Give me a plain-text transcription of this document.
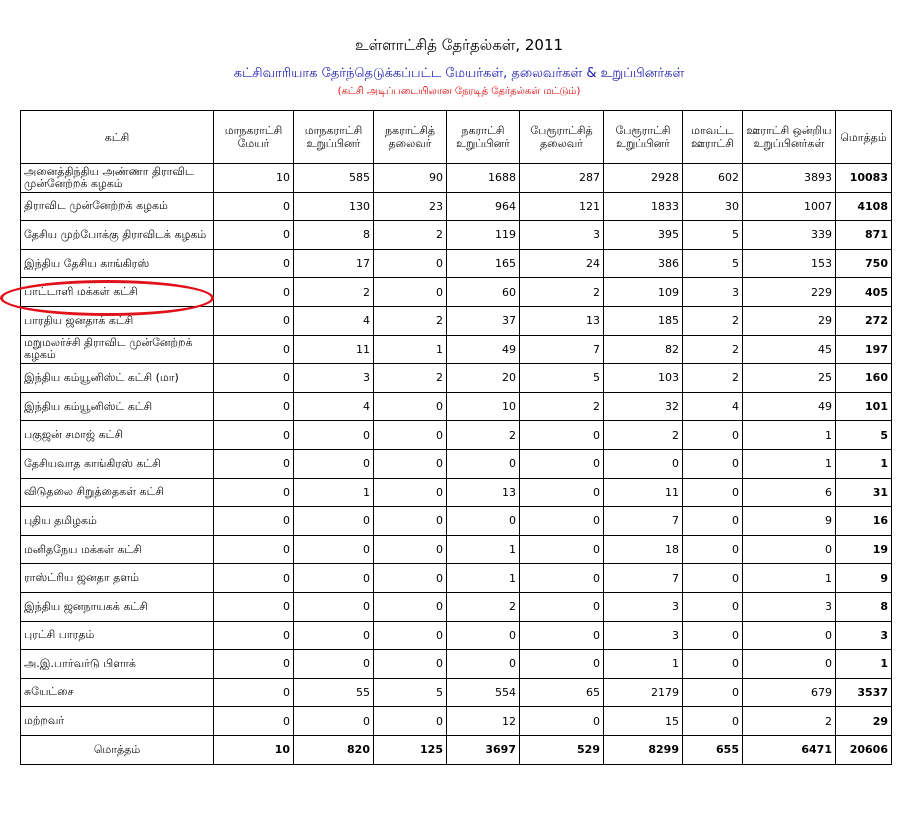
உள்ளாட்சித் தேர்தல்கள், 2011
கட்சிவாரியாக தேர்ந்தெடுக்கப்பட்ட மேயர்கள், தலைவர்கள் & உறுப்பினர்கள்
(கட்சி அடிப்படையிலான நேரடித் தேர்தல்கள் மட்டும்)
கட்சி	மாநகராட்சி மேயர்	மாநகராட்சி உறுப்பினர்	நகராட்சித் தலைவர்	நகராட்சி உறுப்பினர்	பேரூராட்சித் தலைவர்	பேரூராட்சி உறுப்பினர்	மாவட்ட ஊராட்சி	ஊராட்சி ஒன்றிய உறுப்பினர்கள்	மொத்தம்
அனைத்திந்திய அண்ணா திராவிட முன்னேற்றக் கழகம்	10	585	90	1688	287	2928	602	3893	10083
திராவிட முன்னேற்றக் கழகம்	0	130	23	964	121	1833	30	1007	4108
தேசிய முற்போக்கு திராவிடக் கழகம்	0	8	2	119	3	395	5	339	871
இந்திய தேசிய காங்கிரஸ்	0	17	0	165	24	386	5	153	750
பாட்டாளி மக்கள் கட்சி	0	2	0	60	2	109	3	229	405
பாரதிய ஜனதாக் கட்சி	0	4	2	37	13	185	2	29	272
மறுமலர்ச்சி திராவிட முன்னேற்றக் கழகம்	0	11	1	49	7	82	2	45	197
இந்திய கம்யூனிஸ்ட் கட்சி (மா)	0	3	2	20	5	103	2	25	160
இந்திய கம்யூனிஸ்ட் கட்சி	0	4	0	10	2	32	4	49	101
பகுஜன் சமாஜ் கட்சி	0	0	0	2	0	2	0	1	5
தேசியவாத காங்கிரஸ் கட்சி	0	0	0	0	0	0	0	1	1
விடுதலை சிறுத்தைகள் கட்சி	0	1	0	13	0	11	0	6	31
புதிய தமிழகம்	0	0	0	0	0	7	0	9	16
மனிதநேய மக்கள் கட்சி	0	0	0	1	0	18	0	0	19
ராஸ்ட்ரிய ஜனதா தளம்	0	0	0	1	0	7	0	1	9
இந்திய ஜனநாயகக் கட்சி	0	0	0	2	0	3	0	3	8
புரட்சி பாரதம்	0	0	0	0	0	3	0	0	3
அ.இ.பார்வர்டு பிளாக்	0	0	0	0	0	1	0	0	1
சுயேட்சை	0	55	5	554	65	2179	0	679	3537
மற்றவர்	0	0	0	12	0	15	0	2	29
மொத்தம்	10	820	125	3697	529	8299	655	6471	20606
